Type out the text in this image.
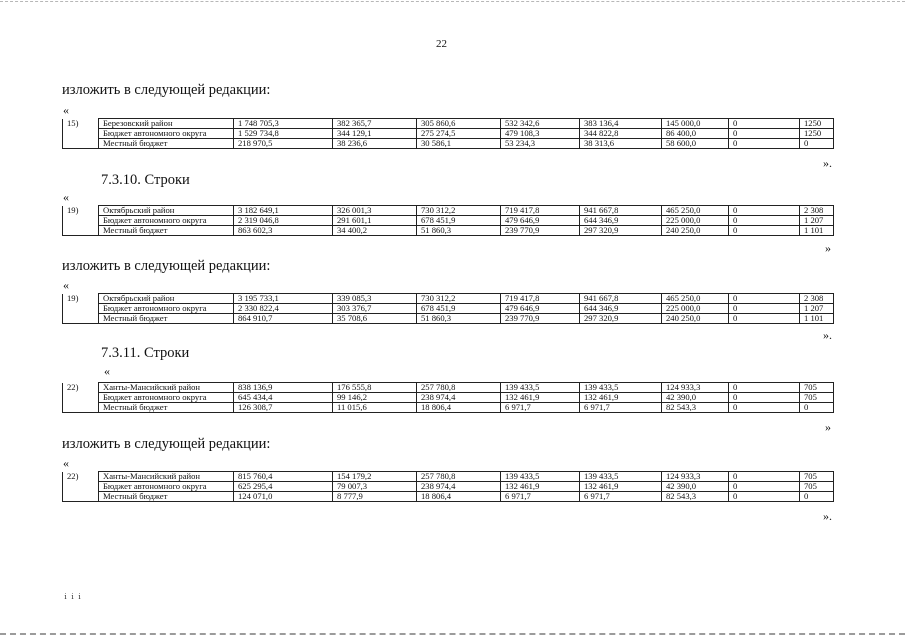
22
изложить в следующей редакции:
«
15)	Березовский район	1 748 705,3	382 365,7	305 860,6	532 342,6	383 136,4	145 000,0	0	1250
	Бюджет автономного округа	1 529 734,8	344 129,1	275 274,5	479 108,3	344 822,8	86 400,0	0	1250
	Местный бюджет	218 970,5	38 236,6	30 586,1	53 234,3	38 313,6	58 600,0	0	0
».
7.3.10. Строки
«
19)	Октябрьский район	3 182 649,1	326 001,3	730 312,2	719 417,8	941 667,8	465 250,0	0	2 308
	Бюджет автономного округа	2 319 046,8	291 601,1	678 451,9	479 646,9	644 346,9	225 000,0	0	1 207
	Местный бюджет	863 602,3	34 400,2	51 860,3	239 770,9	297 320,9	240 250,0	0	1 101
»
изложить в следующей редакции:
«
19)	Октябрьский район	3 195 733,1	339 085,3	730 312,2	719 417,8	941 667,8	465 250,0	0	2 308
	Бюджет автономного округа	2 330 822,4	303 376,7	678 451,9	479 646,9	644 346,9	225 000,0	0	1 207
	Местный бюджет	864 910,7	35 708,6	51 860,3	239 770,9	297 320,9	240 250,0	0	1 101
».
7.3.11. Строки
«
22)	Ханты-Мансийский район	838 136,9	176 555,8	257 780,8	139 433,5	139 433,5	124 933,3	0	705
	Бюджет автономного округа	645 434,4	99 146,2	238 974,4	132 461,9	132 461,9	42 390,0	0	705
	Местный бюджет	126 308,7	11 015,6	18 806,4	6 971,7	6 971,7	82 543,3	0	0
»
изложить в следующей редакции:
«
22)	Ханты-Мансийский район	815 760,4	154 179,2	257 780,8	139 433,5	139 433,5	124 933,3	0	705
	Бюджет автономного округа	625 295,4	79 007,3	238 974,4	132 461,9	132 461,9	42 390,0	0	705
	Местный бюджет	124 071,0	8 777,9	18 806,4	6 971,7	6 971,7	82 543,3	0	0
».
ｉｉｉ
